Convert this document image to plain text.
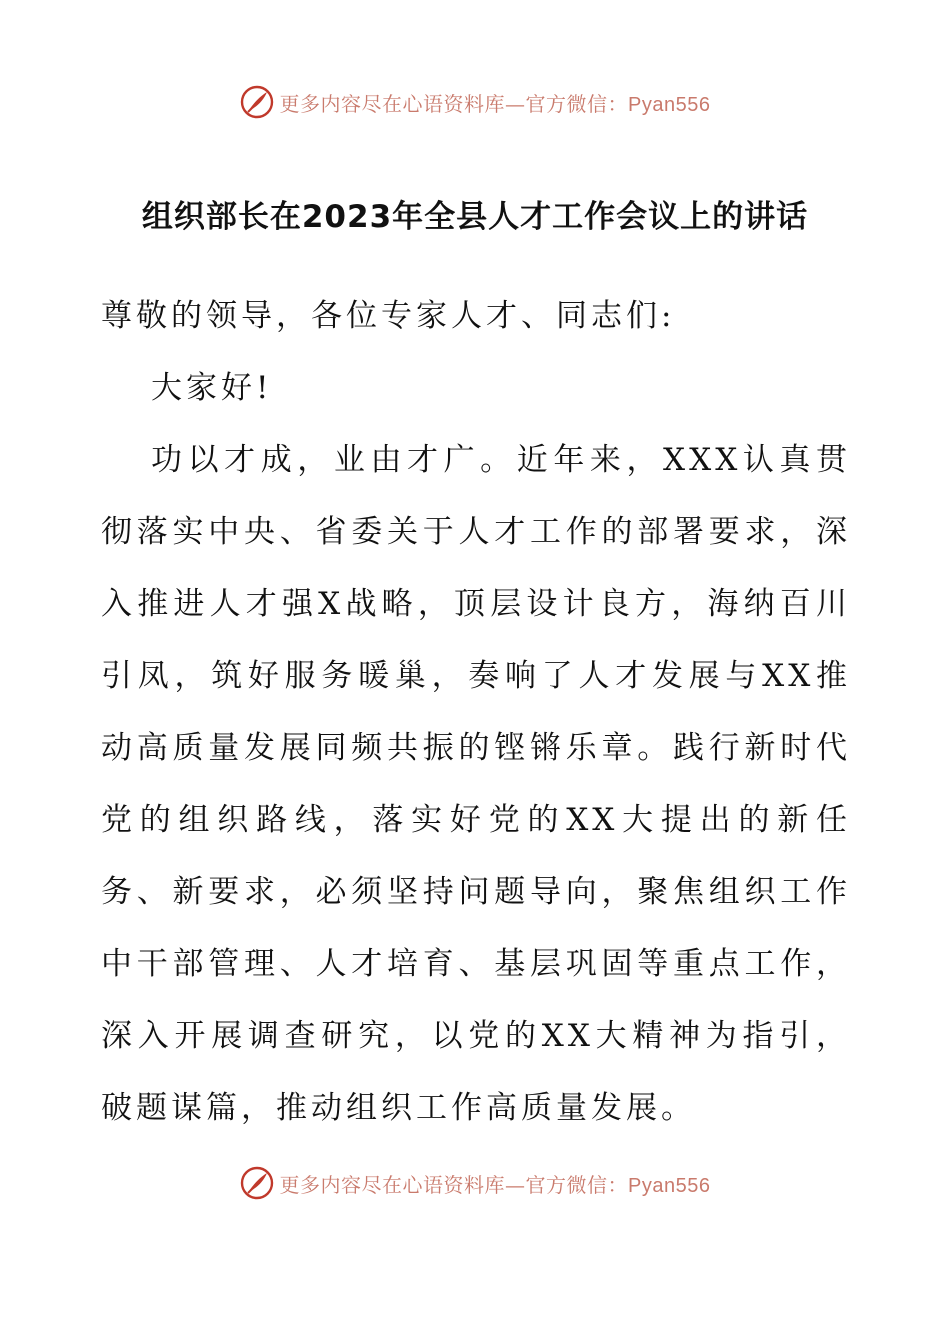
更多内容尽在心语资料库—官方微信：Pyan556
组织部长在2023年全县人才工作会议上的讲话

尊敬的领导，各位专家人才、同志们:

大家好!

功以才成，业由才广。近年来，XXX认真贯彻落实中央、省委关于人才工作的部署要求，深入推进人才强X战略，顶层设计良方，海纳百川引凤，筑好服务暖巢，奏响了人才发展与XX推动高质量发展同频共振的铿锵乐章。践行新时代党的组织路线，落实好党的XX大提出的新任务、新要求，必须坚持问题导向，聚焦组织工作中干部管理、人才培育、基层巩固等重点工作，深入开展调查研究，以党的XX大精神为指引，破题谋篇，推动组织工作高质量发展。

更多内容尽在心语资料库—官方微信：Pyan556
